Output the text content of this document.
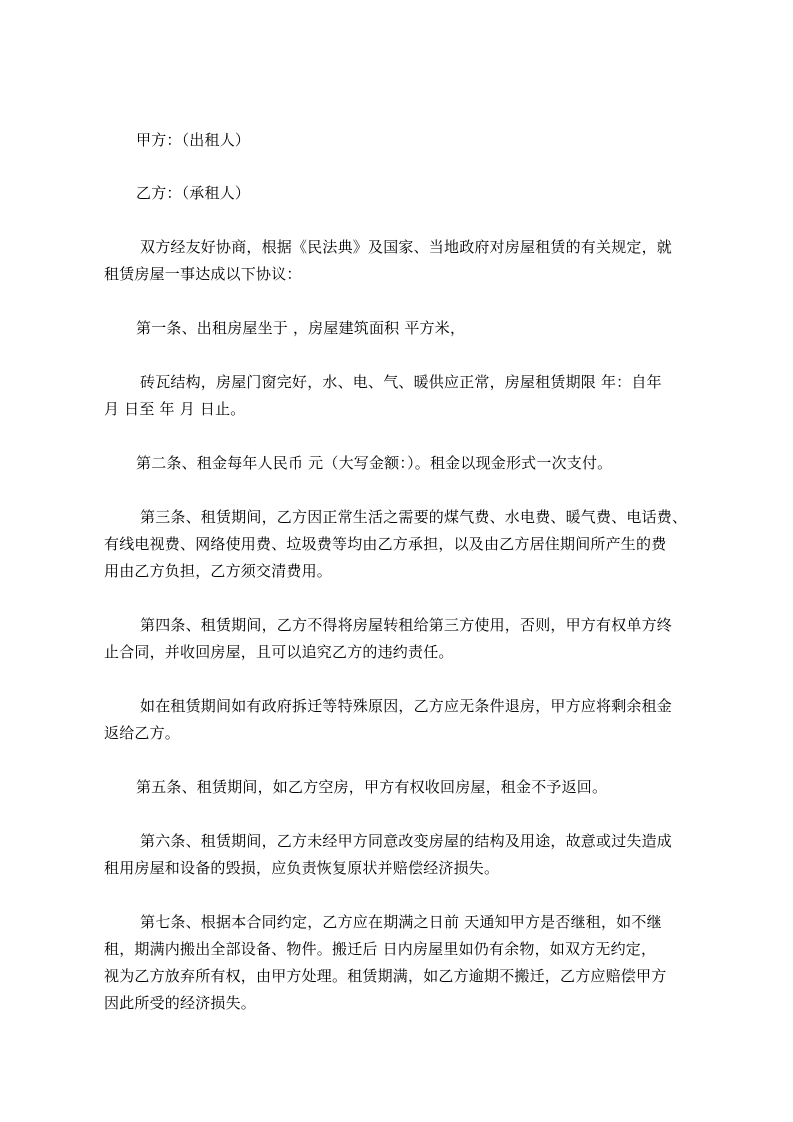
甲方：（出租人）
乙方：（承租人）
双方经友好协商，根据《民法典》及国家、当地政府对房屋租赁的有关规定，就
租赁房屋一事达成以下协议：
第一条、出租房屋坐于 ，房屋建筑面积 平方米，
砖瓦结构，房屋门窗完好，水、电、气、暖供应正常，房屋租赁期限 年：自年
月 日至 年 月 日止。
第二条、租金每年人民币 元（大写金额：）。租金以现金形式一次支付。
第三条、租赁期间，乙方因正常生活之需要的煤气费、水电费、暖气费、电话费、
有线电视费、网络使用费、垃圾费等均由乙方承担，以及由乙方居住期间所产生的费
用由乙方负担，乙方须交清费用。
第四条、租赁期间，乙方不得将房屋转租给第三方使用，否则，甲方有权单方终
止合同，并收回房屋，且可以追究乙方的违约责任。
如在租赁期间如有政府拆迁等特殊原因，乙方应无条件退房，甲方应将剩余租金
返给乙方。
第五条、租赁期间，如乙方空房，甲方有权收回房屋，租金不予返回。
第六条、租赁期间，乙方未经甲方同意改变房屋的结构及用途，故意或过失造成
租用房屋和设备的毁损，应负责恢复原状并赔偿经济损失。
第七条、根据本合同约定，乙方应在期满之日前 天通知甲方是否继租，如不继
租，期满内搬出全部设备、物件。搬迁后 日内房屋里如仍有余物，如双方无约定，
视为乙方放弃所有权，由甲方处理。租赁期满，如乙方逾期不搬迁，乙方应赔偿甲方
因此所受的经济损失。
